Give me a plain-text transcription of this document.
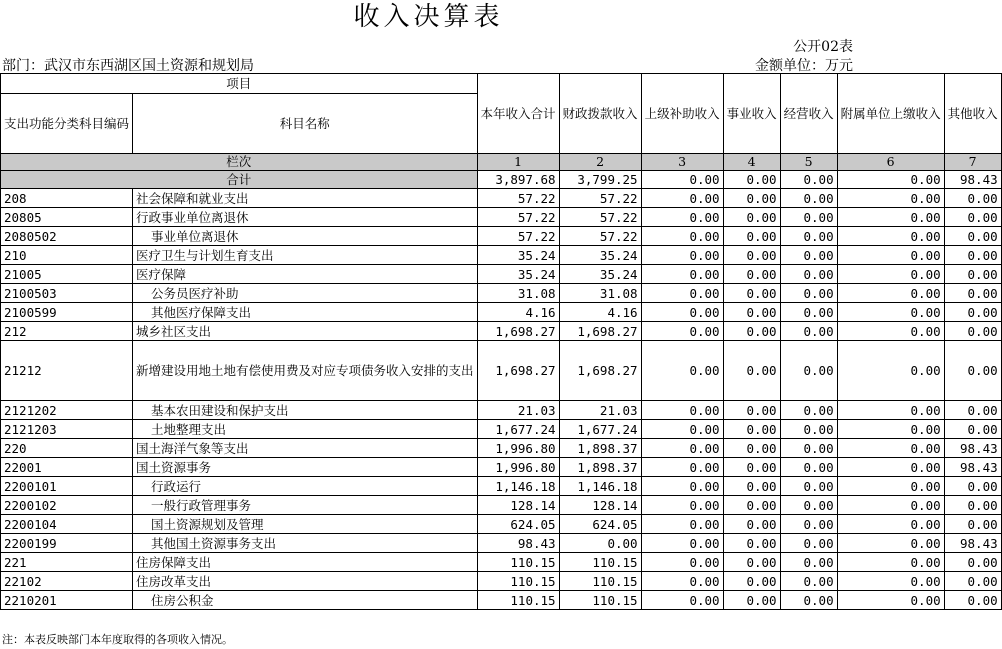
收入决算表
公开02表
部门：武汉市东西湖区国土资源和规划局	金额单位：万元
项目		本年收入合计	财政拨款收入	上级补助收入	事业收入	经营收入	附属单位上缴收入	其他收入
支出功能分类科目编码	科目名称							
栏次		1	2	3	4	5	6	7
合计		3,897.68	3,799.25	0.00	0.00	0.00	0.00	98.43
208	社会保障和就业支出	57.22	57.22	0.00	0.00	0.00	0.00	0.00
20805	行政事业单位离退休	57.22	57.22	0.00	0.00	0.00	0.00	0.00
2080502	事业单位离退休	57.22	57.22	0.00	0.00	0.00	0.00	0.00
210	医疗卫生与计划生育支出	35.24	35.24	0.00	0.00	0.00	0.00	0.00
21005	医疗保障	35.24	35.24	0.00	0.00	0.00	0.00	0.00
2100503	公务员医疗补助	31.08	31.08	0.00	0.00	0.00	0.00	0.00
2100599	其他医疗保障支出	4.16	4.16	0.00	0.00	0.00	0.00	0.00
212	城乡社区支出	1,698.27	1,698.27	0.00	0.00	0.00	0.00	0.00
21212	新增建设用地土地有偿使用费及对应专项债务收入安排的支出	1,698.27	1,698.27	0.00	0.00	0.00	0.00	0.00
2121202	基本农田建设和保护支出	21.03	21.03	0.00	0.00	0.00	0.00	0.00
2121203	土地整理支出	1,677.24	1,677.24	0.00	0.00	0.00	0.00	0.00
220	国土海洋气象等支出	1,996.80	1,898.37	0.00	0.00	0.00	0.00	98.43
22001	国土资源事务	1,996.80	1,898.37	0.00	0.00	0.00	0.00	98.43
2200101	行政运行	1,146.18	1,146.18	0.00	0.00	0.00	0.00	0.00
2200102	一般行政管理事务	128.14	128.14	0.00	0.00	0.00	0.00	0.00
2200104	国土资源规划及管理	624.05	624.05	0.00	0.00	0.00	0.00	0.00
2200199	其他国土资源事务支出	98.43	0.00	0.00	0.00	0.00	0.00	98.43
221	住房保障支出	110.15	110.15	0.00	0.00	0.00	0.00	0.00
22102	住房改革支出	110.15	110.15	0.00	0.00	0.00	0.00	0.00
2210201	住房公积金	110.15	110.15	0.00	0.00	0.00	0.00	0.00
注：本表反映部门本年度取得的各项收入情况。
